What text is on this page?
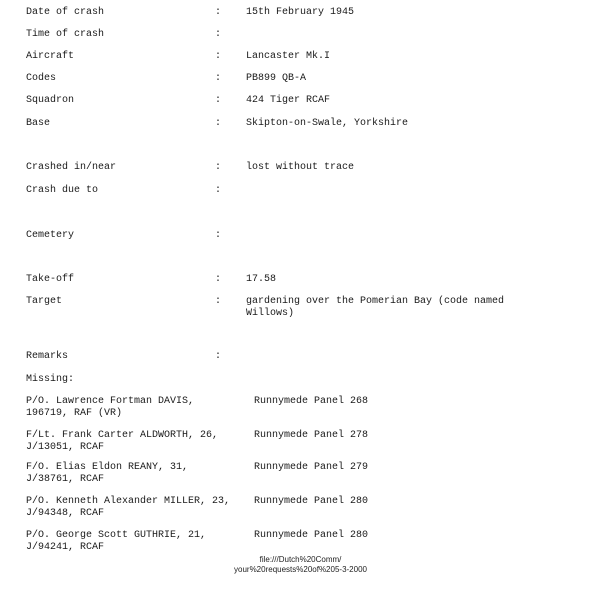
Date of crash	: 15th February 1945
Time of crash	:
Aircraft	: Lancaster Mk.I
Codes	: PB899 QB-A
Squadron	: 424 Tiger RCAF
Base	: Skipton-on-Swale, Yorkshire
Crashed in/near	: lost without trace
Crash due to	:
Cemetery	:
Take-off	: 17.58
Target	: gardening over the Pomerian Bay (code named
Willows)
Remarks	:
Missing:
P/O. Lawrence Fortman DAVIS,
196719, RAF (VR)
Runnymede Panel 268
F/Lt. Frank Carter ALDWORTH, 26,
J/13051, RCAF
Runnymede Panel 278
F/O. Elias Eldon REANY, 31,
J/38761, RCAF
Runnymede Panel 279
P/O. Kenneth Alexander MILLER, 23,
J/94348, RCAF
Runnymede Panel 280
P/O. George Scott GUTHRIE, 21,
J/94241, RCAF
Runnymede Panel 280
file:///Dutch%20Comm/
your%20requests%20of%205-3-2000
